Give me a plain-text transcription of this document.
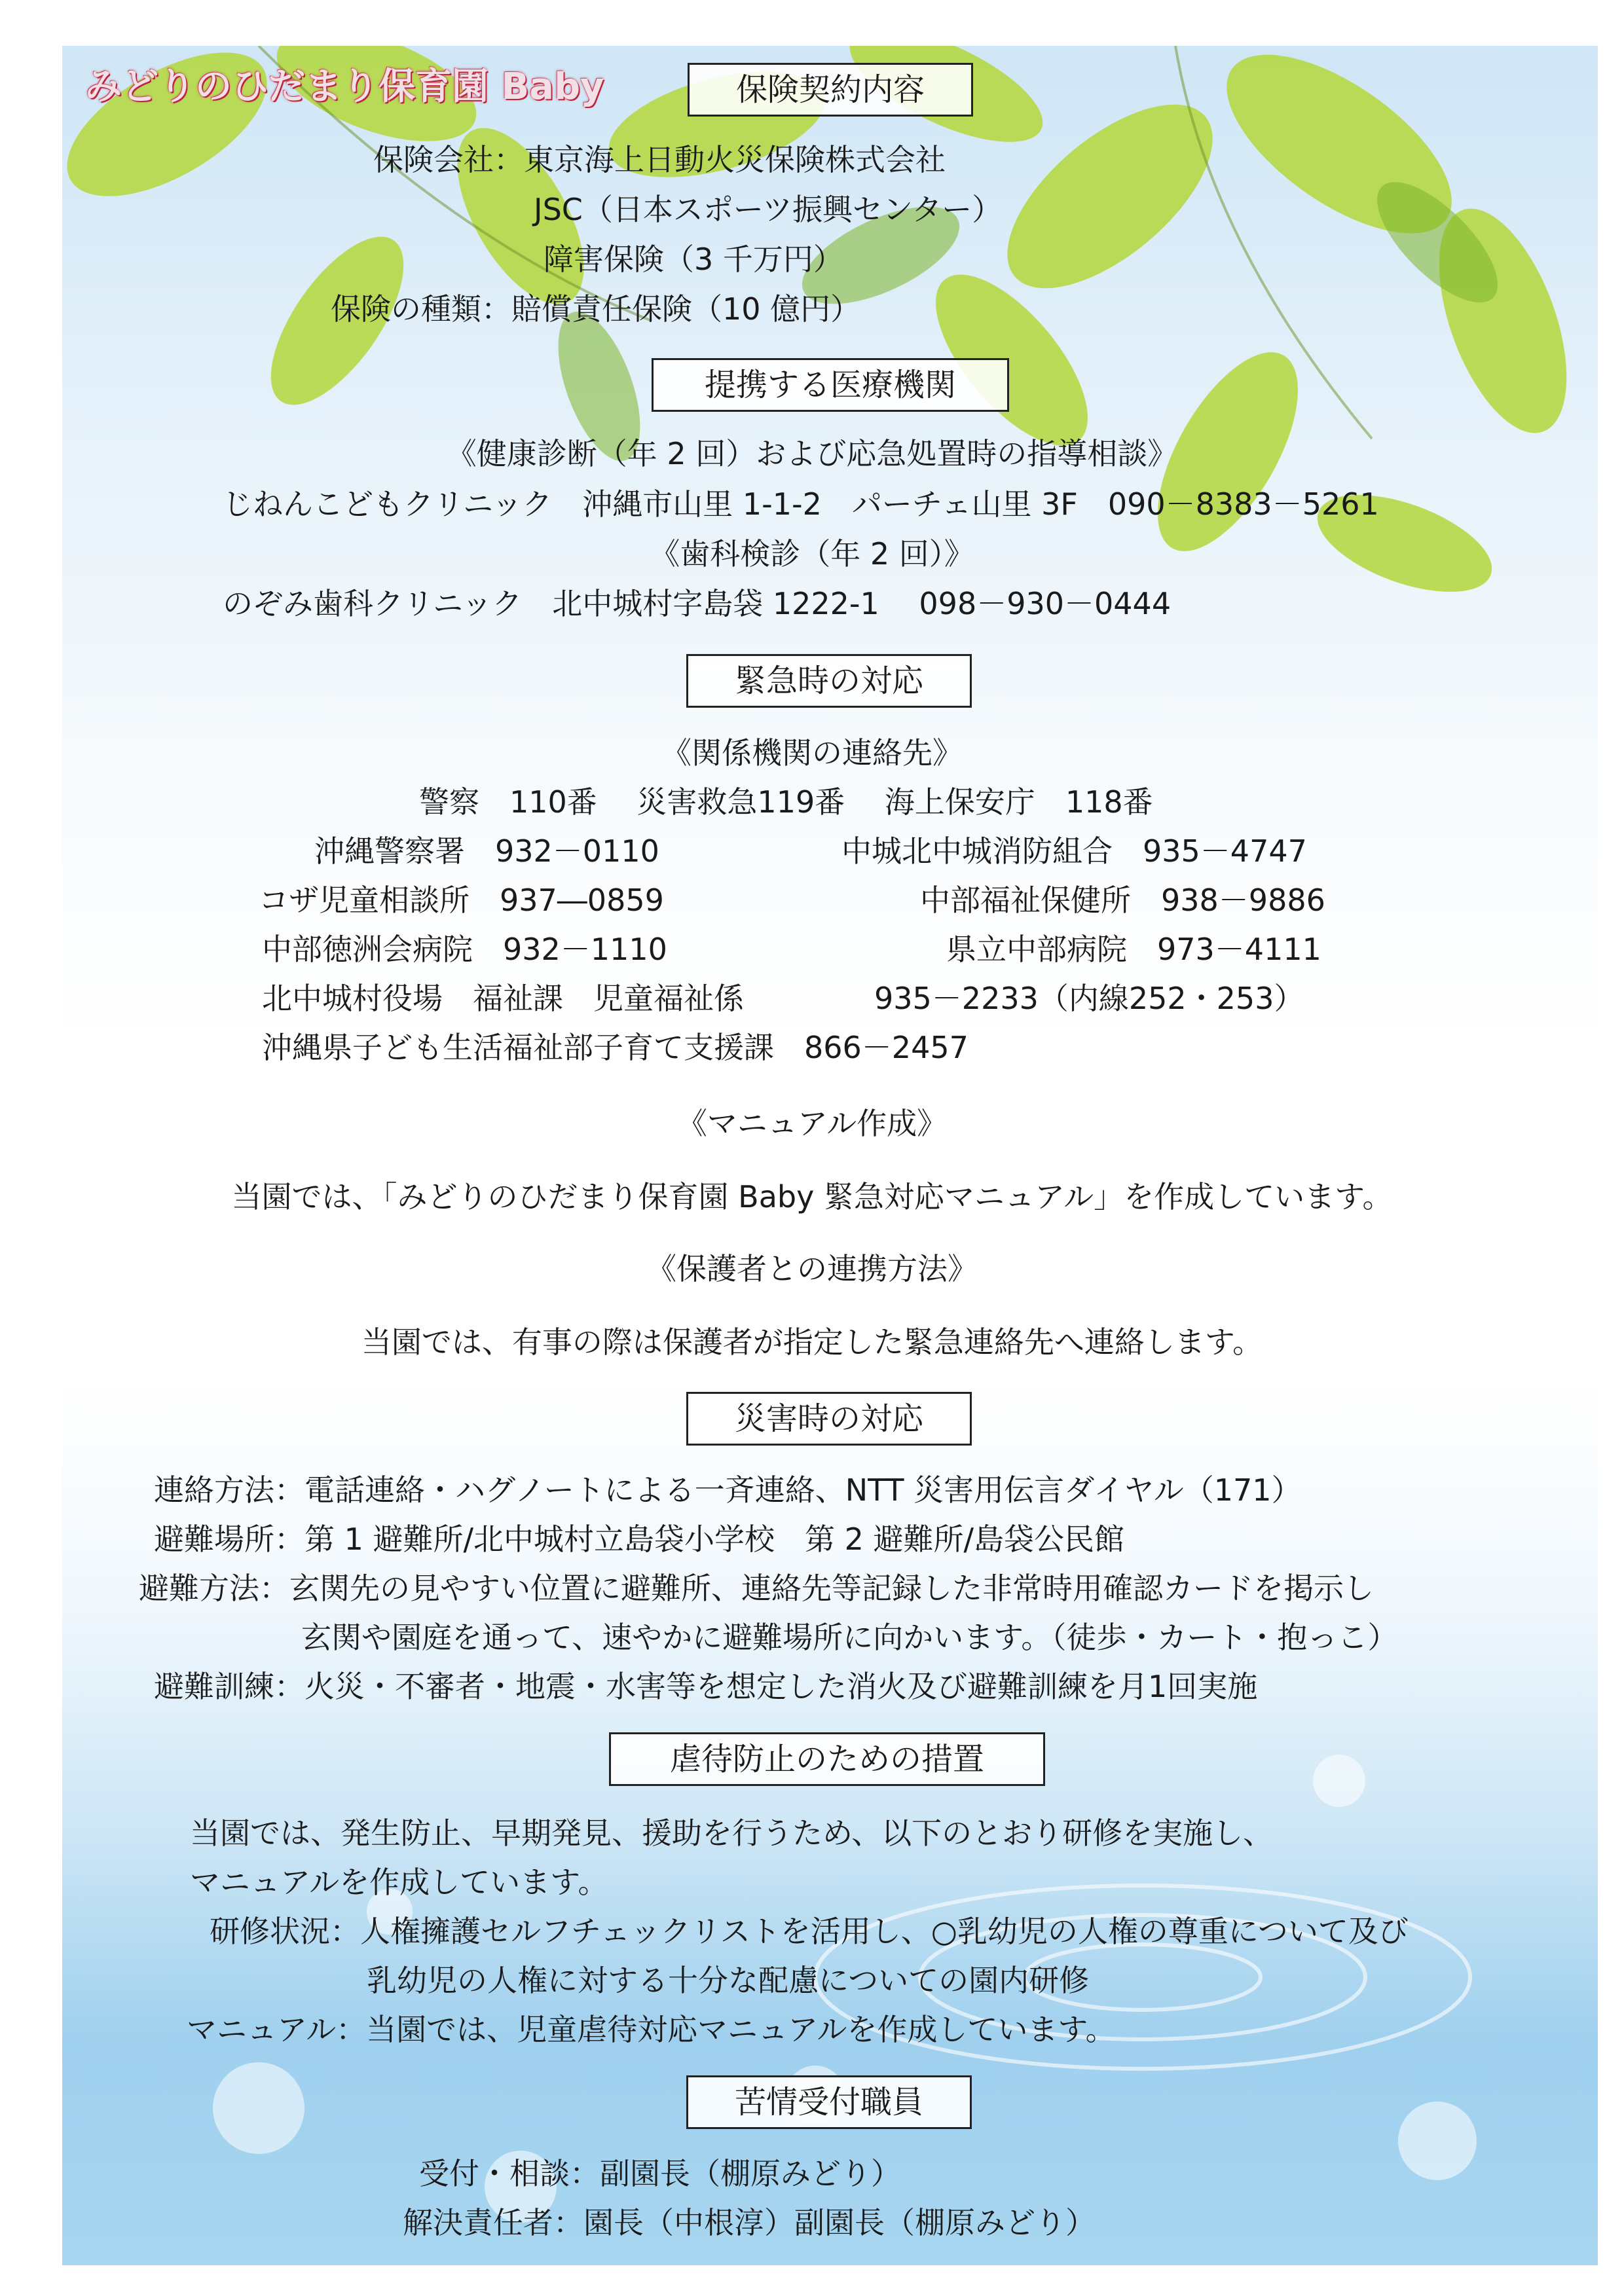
みどりのひだまり保育園 Baby	保険契約内容
保険会社：東京海上日動火災保険株式会社
JSC（日本スポーツ振興センター）
障害保険（3 千万円）
保険の種類：賠償責任保険（10 億円）
提携する医療機関
《健康診断（年 2 回）および応急処置時の指導相談》
じねんこどもクリニック　沖縄市山里 1-1-2　パーチェ山里 3F　090－8383－5261
《歯科検診（年 2 回）》
のぞみ歯科クリニック　北中城村字島袋 1222-1　 098－930－0444
緊急時の対応
《関係機関の連絡先》
警察　110番　 災害救急119番　 海上保安庁　118番
沖縄警察署　932－0110	中城北中城消防組合　935－4747
コザ児童相談所　937―0859	中部福祉保健所　938－9886
中部徳洲会病院　932－1110	県立中部病院　973－4111
北中城村役場　福祉課　児童福祉係	935－2233（内線252・253）
沖縄県子ども生活福祉部子育て支援課　866－2457
《マニュアル作成》
当園では、「みどりのひだまり保育園 Baby 緊急対応マニュアル」を作成しています。
《保護者との連携方法》
当園では、有事の際は保護者が指定した緊急連絡先へ連絡します。
災害時の対応
連絡方法：電話連絡・ハグノートによる一斉連絡、NTT 災害用伝言ダイヤル（171）
避難場所：第 1 避難所/北中城村立島袋小学校　第 2 避難所/島袋公民館
避難方法：玄関先の見やすい位置に避難所、連絡先等記録した非常時用確認カードを掲示し
玄関や園庭を通って、速やかに避難場所に向かいます。（徒歩・カート・抱っこ）
避難訓練：火災・不審者・地震・水害等を想定した消火及び避難訓練を月1回実施
虐待防止のための措置
当園では、発生防止、早期発見、援助を行うため、以下のとおり研修を実施し、
マニュアルを作成しています。
研修状況：人権擁護セルフチェックリストを活用し、○乳幼児の人権の尊重について及び
乳幼児の人権に対する十分な配慮についての園内研修
マニュアル：当園では、児童虐待対応マニュアルを作成しています。
苦情受付職員
受付・相談：副園長（棚原みどり）
解決責任者：園長（中根淳）副園長（棚原みどり）
